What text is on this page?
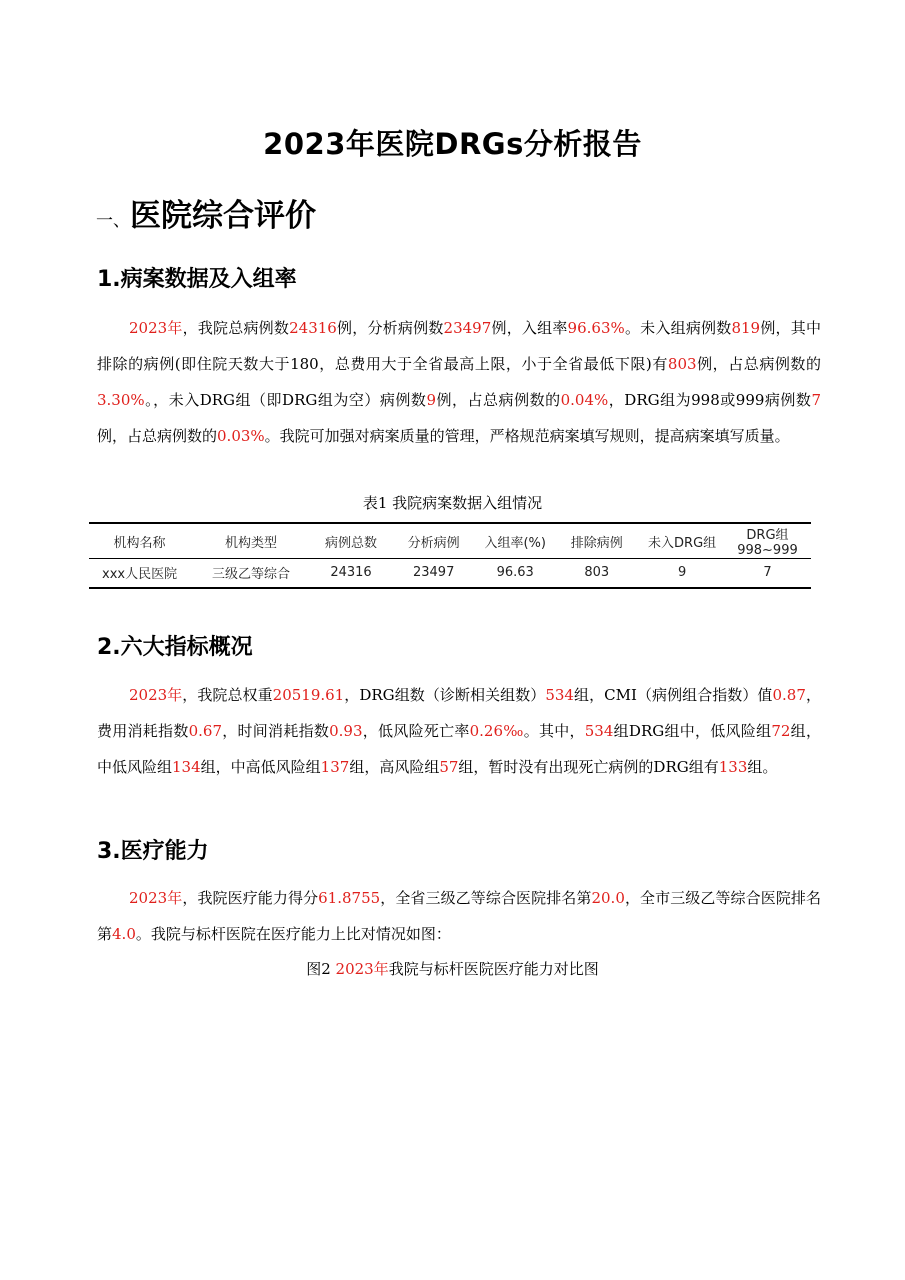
2023年医院DRGs分析报告
一、医院综合评价
1.病案数据及入组率

2023年，我院总病例数24316例，分析病例数23497例，入组率96.63%。未入组病例数819例，其中排除的病例(即住院天数大于180，总费用大于全省最高上限，小于全省最低下限)有803例，占总病例数的3.30%。，未入DRG组（即DRG组为空）病例数9例，占总病例数的0.04%，DRG组为998或999病例数7例，占总病例数的0.03%。我院可加强对病案质量的管理，严格规范病案填写规则，提高病案填写质量。

表1 我院病案数据入组情况
机构名称	机构类型	病例总数	分析病例	入组率(%)	排除病例	未入DRG组	DRG组998~999
xxx人民医院	三级乙等综合	24316	23497	96.63	803	9	7
2.六大指标概况

2023年，我院总权重20519.61，DRG组数（诊断相关组数）534组，CMI（病例组合指数）值0.87，费用消耗指数0.67，时间消耗指数0.93，低风险死亡率0.26‰。其中，534组DRG组中，低风险组72组，中低风险组134组，中高低风险组137组，高风险组57组，暂时没有出现死亡病例的DRG组有133组。

3.医疗能力

2023年，我院医疗能力得分61.8755，全省三级乙等综合医院排名第20.0，全市三级乙等综合医院排名第4.0。我院与标杆医院在医疗能力上比对情况如图：

图2 2023年我院与标杆医院医疗能力对比图
